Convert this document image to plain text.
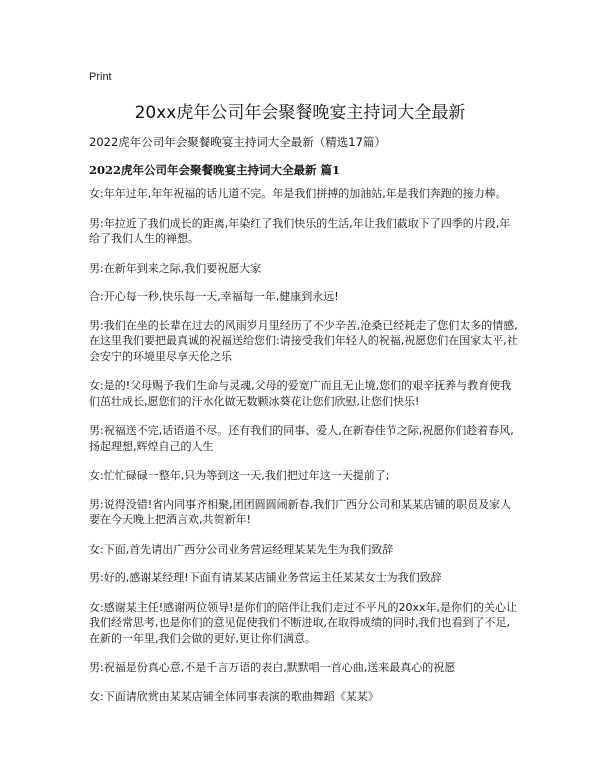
Print
20xx虎年公司年会聚餐晚宴主持词大全最新
2022虎年公司年会聚餐晚宴主持词大全最新（精选17篇）
2022虎年公司年会聚餐晚宴主持词大全最新 篇1

女:年年过年,年年祝福的话儿道不完。年是我们拼搏的加油站,年是我们奔跑的接力棒。

男:年拉近了我们成长的距离,年染红了我们快乐的生活,年让我们截取下了四季的片段,年给了我们人生的禅想。

男:在新年到来之际,我们要祝愿大家

合:开心每一秒,快乐每一天,幸福每一年,健康到永远!

男:我们在坐的长辈在过去的风雨岁月里经历了不少辛苦,沧桑已经耗走了您们太多的情感,在这里我们要把最真诚的祝福送给您们:请接受我们年轻人的祝福,祝愿您们在国家太平,社会安宁的环境里尽享天伦之乐

女:是的!父母赐予我们生命与灵魂,父母的爱宽广而且无止境,您们的艰辛抚养与教育使我们茁壮成长,愿您们的汗水化做无数颗冰葵花让您们欣慰,让您们快乐!

男:祝福送不完,话语道不尽。还有我们的同事、爱人,在新春佳节之际,祝愿你们趁着春风,扬起理想,辉煌自己的人生

女:忙忙碌碌一整年,只为等到这一天,我们把过年这一天提前了;

男:说得没错!省内同事齐相聚,团团圆圆闹新春,我们广西分公司和某某店铺的职员及家人要在今天晚上把酒言欢,共贺新年!

女:下面,首先请出广西分公司业务营运经理某某先生为我们致辞

男:好的,感谢某经理!下面有请某某店铺业务营运主任某某女士为我们致辞

女:感谢某主任!感谢两位领导!是你们的陪伴让我们走过不平凡的20xx年,是你们的关心让我们经常思考,也是你们的意见促使我们不断进取,在取得成绩的同时,我们也看到了不足,在新的一年里,我们会做的更好,更让你们满意。

男:祝福是份真心意,不是千言万语的表白,默默唱一首心曲,送来最真心的祝愿

女:下面请欣赏由某某店铺全体同事表演的歌曲舞蹈《某某》
